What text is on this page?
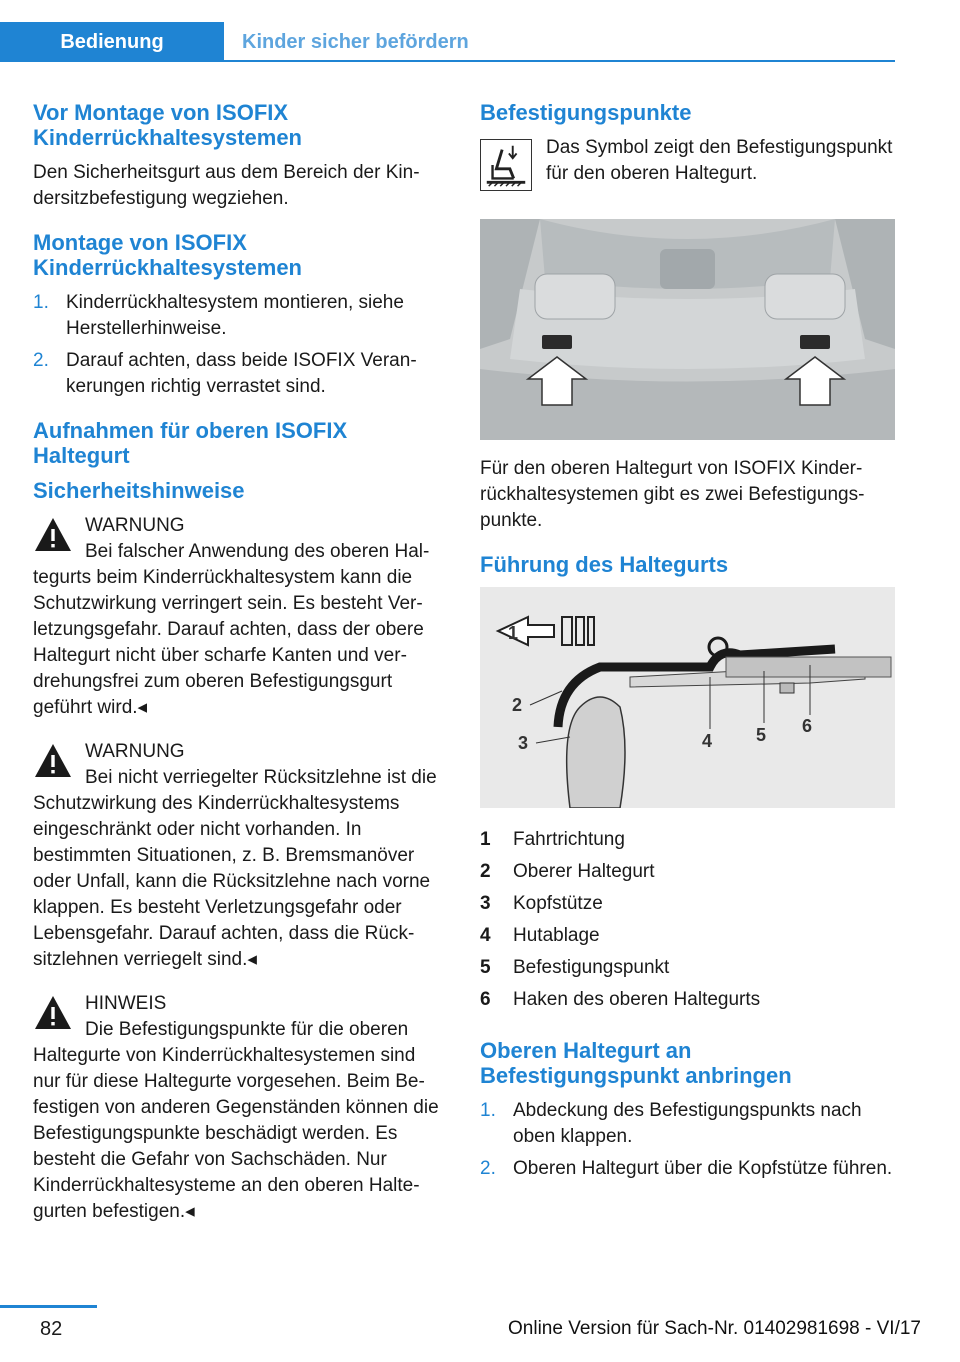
Bedienung	Kinder sicher befördern
Vor Montage von ISOFIX Kinderrückhaltesystemen

Den Sicherheitsgurt aus dem Bereich der Kindersitzbefestigung wegziehen.

Montage von ISOFIX Kinderrückhaltesystemen
1. Kinderrückhaltesystem montieren, siehe Herstellerhinweise.
2. Darauf achten, dass beide ISOFIX Verankerungen richtig verrastet sind.
Aufnahmen für oberen ISOFIX Haltegurt
Sicherheitshinweise
WARNUNG
Bei falscher Anwendung des oberen Haltegurts beim Kinderrückhaltesystem kann die Schutzwirkung verringert sein. Es besteht Verletzungsgefahr. Darauf achten, dass der obere Haltegurt nicht über scharfe Kanten und verdrehungsfrei zum oberen Befestigungsgurt geführt wird.◂
WARNUNG
Bei nicht verriegelter Rücksitzlehne ist die Schutzwirkung des Kinderrückhaltesystems eingeschränkt oder nicht vorhanden. In bestimmten Situationen, z. B. Bremsmanöver oder Unfall, kann die Rücksitzlehne nach vorne klappen. Es besteht Verletzungsgefahr oder Lebensgefahr. Darauf achten, dass die Rücksitzlehnen verriegelt sind.◂
HINWEIS
Die Befestigungspunkte für die oberen Haltegurte von Kinderrückhaltesystemen sind nur für diese Haltegurte vorgesehen. Beim Befestigen von anderen Gegenständen können die Befestigungspunkte beschädigt werden. Es besteht die Gefahr von Sachschäden. Nur Kinderrückhaltesysteme an den oberen Haltegurten befestigen.◂
Befestigungspunkte

Das Symbol zeigt den Befestigungspunkt für den oberen Haltegurt.

Für den oberen Haltegurt von ISOFIX Kinderrückhaltesystemen gibt es zwei Befestigungspunkte.

Führung des Haltegurts
2
3
1
4 5 6
1	Fahrtrichtung
2	Oberer Haltegurt
3	Kopfstütze
4	Hutablage
5	Befestigungspunkt
6	Haken des oberen Haltegurts
Oberen Haltegurt an Befestigungspunkt anbringen
1. Abdeckung des Befestigungspunkts nach oben klappen.
2. Oberen Haltegurt über die Kopfstütze führen.
82	Online Version für Sach-Nr. 01402981698 - VI/17
